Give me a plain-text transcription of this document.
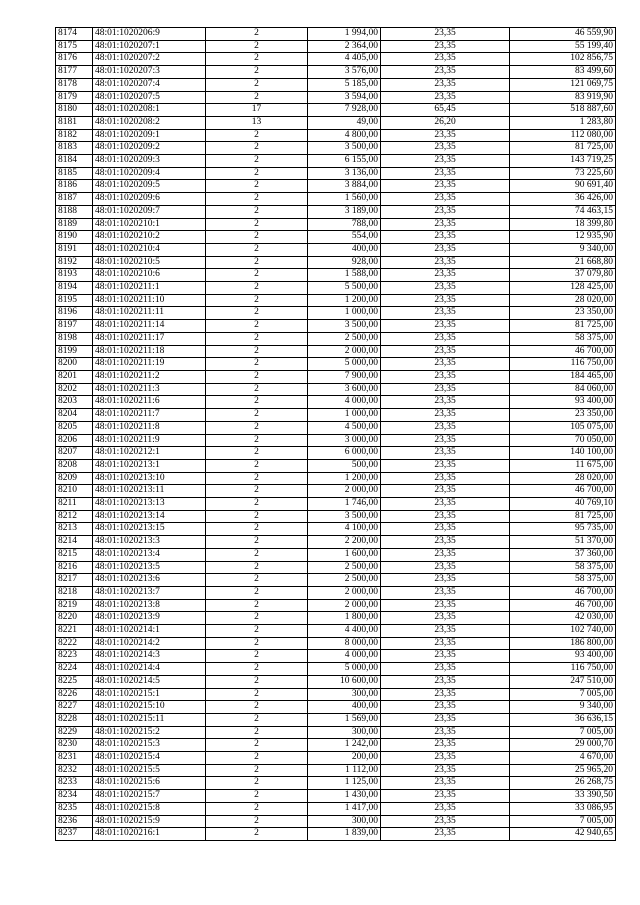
8174	48:01:1020206:9	2	1 994,00	23,35	46 559,90
8175	48:01:1020207:1	2	2 364,00	23,35	55 199,40
8176	48:01:1020207:2	2	4 405,00	23,35	102 856,75
8177	48:01:1020207:3	2	3 576,00	23,35	83 499,60
8178	48:01:1020207:4	2	5 185,00	23,35	121 069,75
8179	48:01:1020207:5	2	3 594,00	23,35	83 919,90
8180	48:01:1020208:1	17	7 928,00	65,45	518 887,60
8181	48:01:1020208:2	13	49,00	26,20	1 283,80
8182	48:01:1020209:1	2	4 800,00	23,35	112 080,00
8183	48:01:1020209:2	2	3 500,00	23,35	81 725,00
8184	48:01:1020209:3	2	6 155,00	23,35	143 719,25
8185	48:01:1020209:4	2	3 136,00	23,35	73 225,60
8186	48:01:1020209:5	2	3 884,00	23,35	90 691,40
8187	48:01:1020209:6	2	1 560,00	23,35	36 426,00
8188	48:01:1020209:7	2	3 189,00	23,35	74 463,15
8189	48:01:1020210:1	2	788,00	23,35	18 399,80
8190	48:01:1020210:2	2	554,00	23,35	12 935,90
8191	48:01:1020210:4	2	400,00	23,35	9 340,00
8192	48:01:1020210:5	2	928,00	23,35	21 668,80
8193	48:01:1020210:6	2	1 588,00	23,35	37 079,80
8194	48:01:1020211:1	2	5 500,00	23,35	128 425,00
8195	48:01:1020211:10	2	1 200,00	23,35	28 020,00
8196	48:01:1020211:11	2	1 000,00	23,35	23 350,00
8197	48:01:1020211:14	2	3 500,00	23,35	81 725,00
8198	48:01:1020211:17	2	2 500,00	23,35	58 375,00
8199	48:01:1020211:18	2	2 000,00	23,35	46 700,00
8200	48:01:1020211:19	2	5 000,00	23,35	116 750,00
8201	48:01:1020211:2	2	7 900,00	23,35	184 465,00
8202	48:01:1020211:3	2	3 600,00	23,35	84 060,00
8203	48:01:1020211:6	2	4 000,00	23,35	93 400,00
8204	48:01:1020211:7	2	1 000,00	23,35	23 350,00
8205	48:01:1020211:8	2	4 500,00	23,35	105 075,00
8206	48:01:1020211:9	2	3 000,00	23,35	70 050,00
8207	48:01:1020212:1	2	6 000,00	23,35	140 100,00
8208	48:01:1020213:1	2	500,00	23,35	11 675,00
8209	48:01:1020213:10	2	1 200,00	23,35	28 020,00
8210	48:01:1020213:11	2	2 000,00	23,35	46 700,00
8211	48:01:1020213:13	2	1 746,00	23,35	40 769,10
8212	48:01:1020213:14	2	3 500,00	23,35	81 725,00
8213	48:01:1020213:15	2	4 100,00	23,35	95 735,00
8214	48:01:1020213:3	2	2 200,00	23,35	51 370,00
8215	48:01:1020213:4	2	1 600,00	23,35	37 360,00
8216	48:01:1020213:5	2	2 500,00	23,35	58 375,00
8217	48:01:1020213:6	2	2 500,00	23,35	58 375,00
8218	48:01:1020213:7	2	2 000,00	23,35	46 700,00
8219	48:01:1020213:8	2	2 000,00	23,35	46 700,00
8220	48:01:1020213:9	2	1 800,00	23,35	42 030,00
8221	48:01:1020214:1	2	4 400,00	23,35	102 740,00
8222	48:01:1020214:2	2	8 000,00	23,35	186 800,00
8223	48:01:1020214:3	2	4 000,00	23,35	93 400,00
8224	48:01:1020214:4	2	5 000,00	23,35	116 750,00
8225	48:01:1020214:5	2	10 600,00	23,35	247 510,00
8226	48:01:1020215:1	2	300,00	23,35	7 005,00
8227	48:01:1020215:10	2	400,00	23,35	9 340,00
8228	48:01:1020215:11	2	1 569,00	23,35	36 636,15
8229	48:01:1020215:2	2	300,00	23,35	7 005,00
8230	48:01:1020215:3	2	1 242,00	23,35	29 000,70
8231	48:01:1020215:4	2	200,00	23,35	4 670,00
8232	48:01:1020215:5	2	1 112,00	23,35	25 965,20
8233	48:01:1020215:6	2	1 125,00	23,35	26 268,75
8234	48:01:1020215:7	2	1 430,00	23,35	33 390,50
8235	48:01:1020215:8	2	1 417,00	23,35	33 086,95
8236	48:01:1020215:9	2	300,00	23,35	7 005,00
8237	48:01:1020216:1	2	1 839,00	23,35	42 940,65
